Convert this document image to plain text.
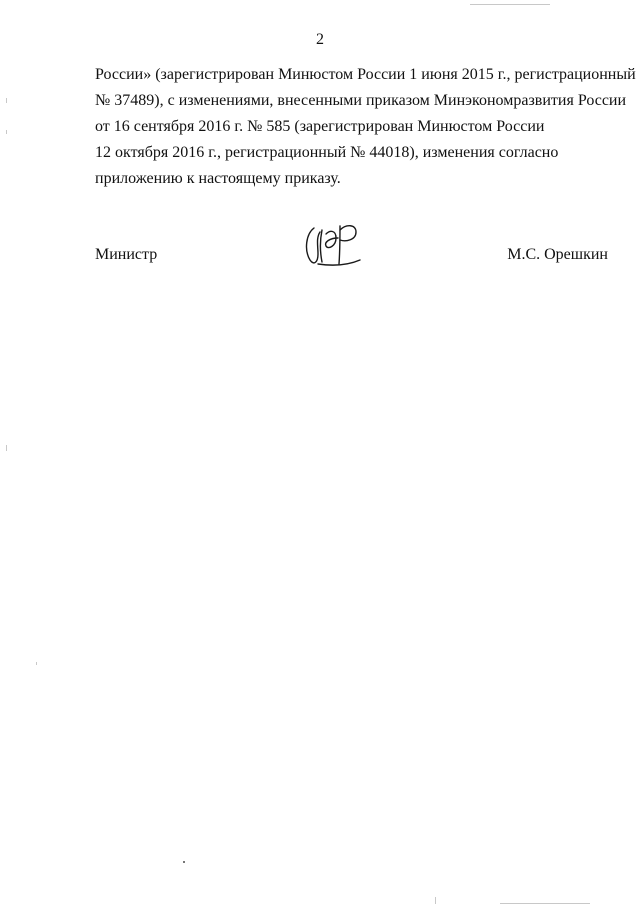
2
России» (зарегистрирован Минюстом России 1 июня 2015 г., регистрационный
№ 37489), с изменениями, внесенными приказом Минэкономразвития России
от 16 сентября 2016 г. № 585 (зарегистрирован Минюстом России
12 октября 2016 г., регистрационный № 44018), изменения согласно
приложению к настоящему приказу.
Министр	М.С. Орешкин
